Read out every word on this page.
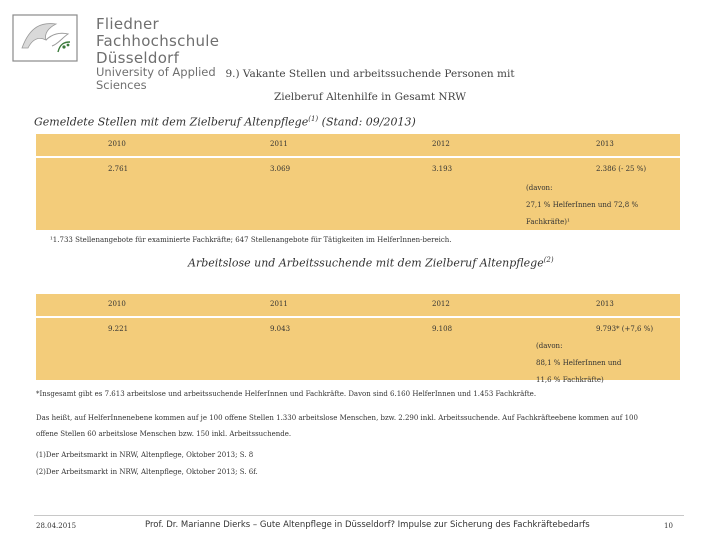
Fliedner Fachhochschule
Düsseldorf
University of Applied Sciences
9.) Vakante Stellen und arbeitssuchende Personen mit
Zielberuf Altenhilfe in Gesamt NRW
Gemeldete Stellen mit dem Zielberuf Altenpflege$^{(1)}$ (Stand: 09/2013)
2010	2011	2012	2013
2.761	3.069	3.193	2.386 (- 25 %)
(davon:
27,1 % HelferInnen und 72,8 %
Fachkräfte)¹
¹1.733 Stellenangebote für examinierte Fachkräfte; 647 Stellenangebote für Tätigkeiten im HelferInnen-bereich.
Arbeitslose und Arbeitssuchende mit dem Zielberuf Altenpflege$^{(2)}$
2010	2011	2012	2013
9.221	9.043	9.108	9.793* (+7,6 %)
(davon:
88,1 % HelferInnen und
11,6 % Fachkräfte)
*Insgesamt gibt es 7.613 arbeitslose und arbeitssuchende HelferInnen und Fachkräfte. Davon sind 6.160 HelferInnen und 1.453 Fachkräfte.
Das heißt, auf HelferInnenebene kommen auf je 100 offene Stellen 1.330 arbeitslose Menschen, bzw. 2.290 inkl. Arbeitssuchende. Auf Fachkräfteebene kommen auf 100
offene Stellen 60 arbeitslose Menschen bzw. 150 inkl. Arbeitssuchende.
(1)Der Arbeitsmarkt in NRW, Altenpflege, Oktober 2013; S. 8
(2)Der Arbeitsmarkt in NRW, Altenpflege, Oktober 2013; S. 6f.
28.04.2015	Prof. Dr. Marianne Dierks – Gute Altenpflege in Düsseldorf? Impulse zur Sicherung des Fachkräftebedarfs	10
